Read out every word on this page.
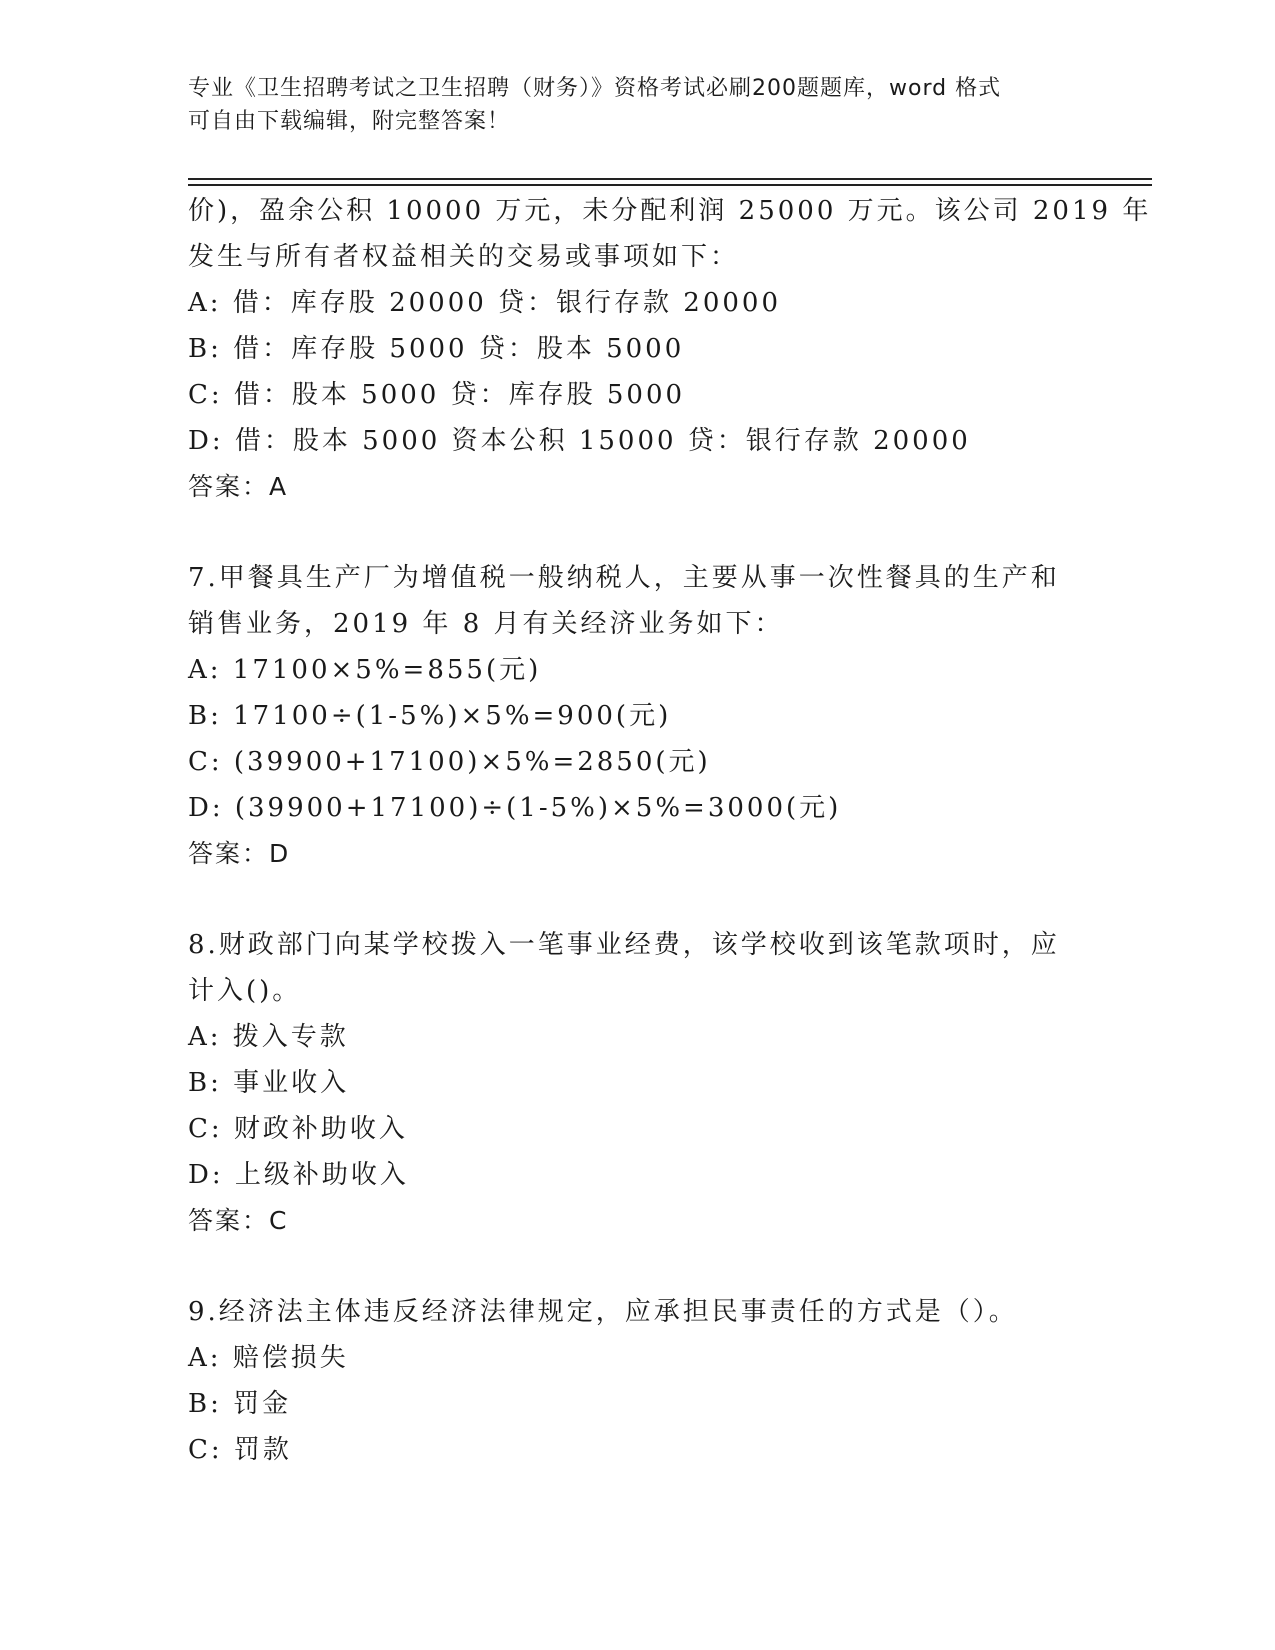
专业《卫生招聘考试之卫生招聘（财务）》资格考试必刷200题题库，word 格式
可自由下载编辑，附完整答案！
价)，盈余公积 10000 万元，未分配利润 25000 万元。该公司 2019 年
发生与所有者权益相关的交易或事项如下：
A: 借：库存股 20000 贷：银行存款 20000
B: 借：库存股 5000 贷：股本 5000
C: 借：股本 5000 贷：库存股 5000
D: 借：股本 5000 资本公积 15000 贷：银行存款 20000
答案：A
7.甲餐具生产厂为增值税一般纳税人，主要从事一次性餐具的生产和
销售业务，2019 年 8 月有关经济业务如下：
A: 17100×5%=855(元)
B: 17100÷(1-5%)×5%=900(元)
C: (39900+17100)×5%=2850(元)
D: (39900+17100)÷(1-5%)×5%=3000(元)
答案：D
8.财政部门向某学校拨入一笔事业经费，该学校收到该笔款项时，应
计入()。
A: 拨入专款
B: 事业收入
C: 财政补助收入
D: 上级补助收入
答案：C
9.经济法主体违反经济法律规定，应承担民事责任的方式是（）。
A: 赔偿损失
B: 罚金
C: 罚款
